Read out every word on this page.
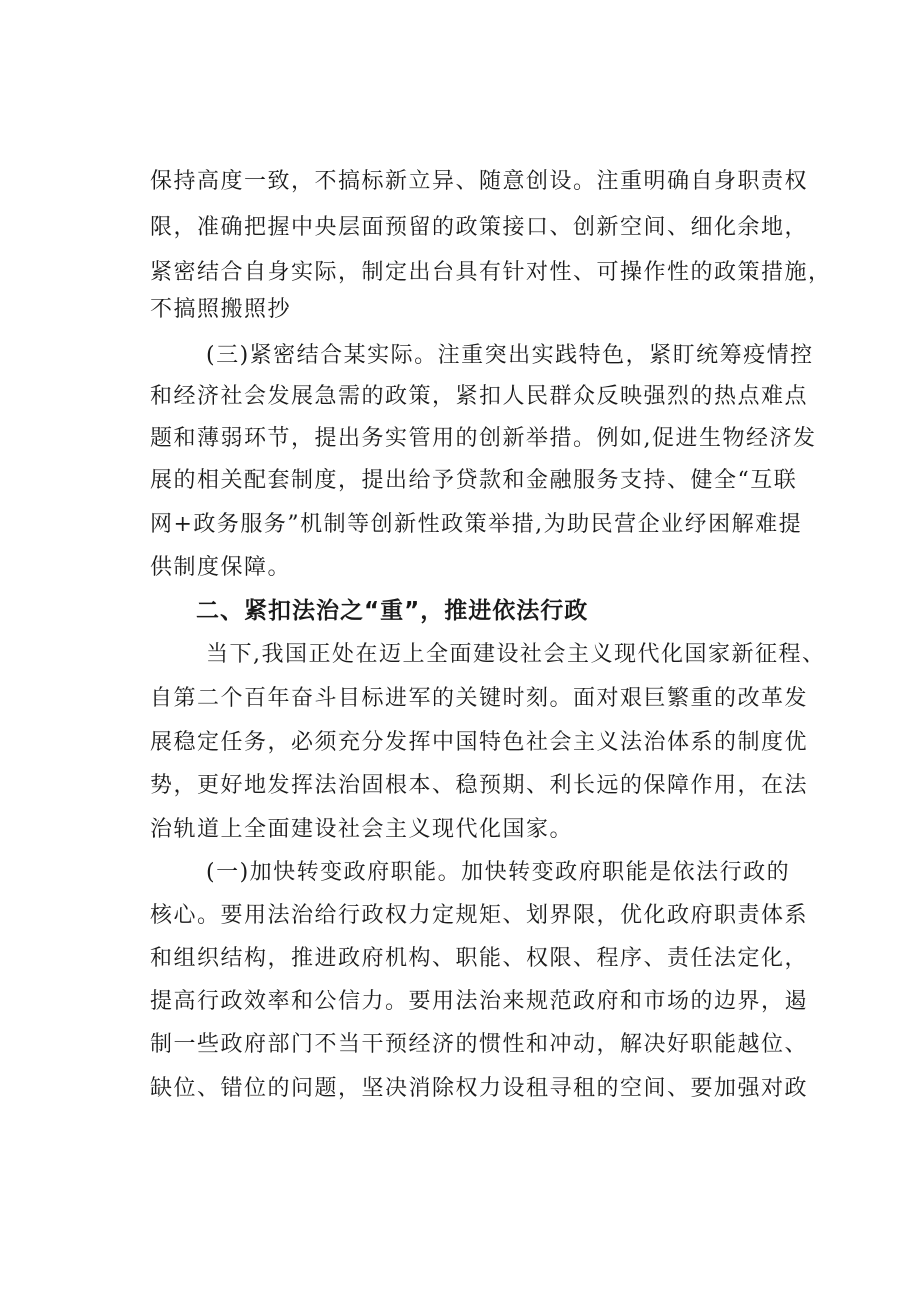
保持高度一致，不搞标新立异、随意创设。注重明确自身职责权
限，准确把握中央层面预留的政策接口、创新空间、细化余地，
紧密结合自身实际，制定出台具有针对性、可操作性的政策措施，
不搞照搬照抄
(三)紧密结合某实际。注重突出实践特色，紧盯统筹疫情控
和经济社会发展急需的政策，紧扣人民群众反映强烈的热点难点
题和薄弱环节，提出务实管用的创新举措。例如,促进生物经济发
展的相关配套制度，提出给予贷款和金融服务支持、健全“互联
网+政务服务”机制等创新性政策举措,为助民营企业纾困解难提
供制度保障。
二、紧扣法治之“重”，推进依法行政
当下,我国正处在迈上全面建设社会主义现代化国家新征程、
自第二个百年奋斗目标进军的关键时刻。面对艰巨繁重的改革发
展稳定任务，必须充分发挥中国特色社会主义法治体系的制度优
势，更好地发挥法治固根本、稳预期、利长远的保障作用，在法
治轨道上全面建设社会主义现代化国家。
(一)加快转变政府职能。加快转变政府职能是依法行政的
核心。要用法治给行政权力定规矩、划界限，优化政府职责体系
和组织结构，推进政府机构、职能、权限、程序、责任法定化，
提高行政效率和公信力。要用法治来规范政府和市场的边界，遏
制一些政府部门不当干预经济的惯性和冲动，解决好职能越位、
缺位、错位的问题，坚决消除权力设租寻租的空间、要加强对政
